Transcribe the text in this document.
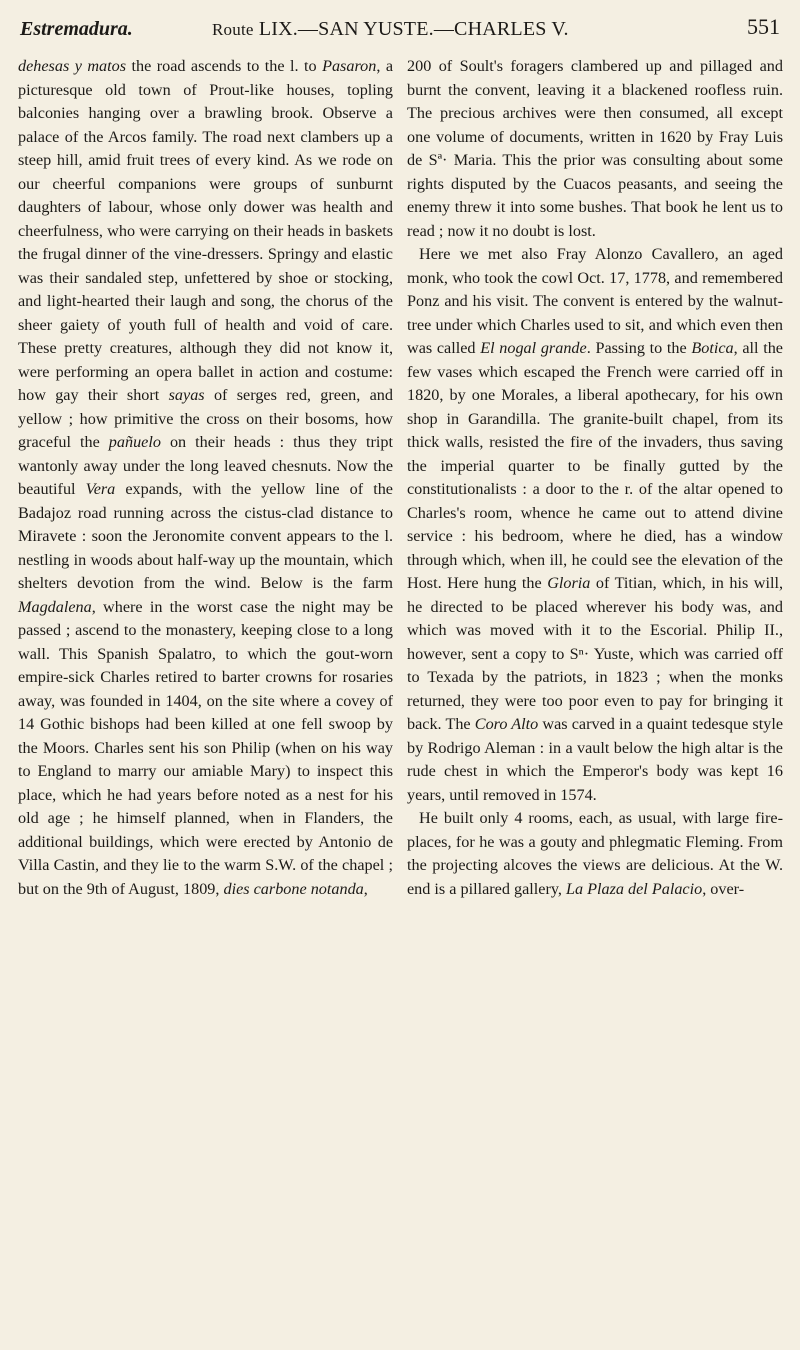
Estremadura.	Route LIX.—SAN YUSTE.—CHARLES V.	551

dehesas y matos the road ascends to the l. to Pasaron, a picturesque old town of Prout-like houses, topling balconies hanging over a brawling brook. Observe a palace of the Arcos family. The road next clambers up a steep hill, amid fruit trees of every kind. As we rode on our cheerful companions were groups of sunburnt daughters of labour, whose only dower was health and cheerfulness, who were carrying on their heads in baskets the frugal dinner of the vine-dressers. Springy and elastic was their sandaled step, unfettered by shoe or stocking, and light-hearted their laugh and song, the chorus of the sheer gaiety of youth full of health and void of care. These pretty creatures, although they did not know it, were performing an opera ballet in action and costume: how gay their short sayas of serges red, green, and yellow ; how primitive the cross on their bosoms, how graceful the pañuelo on their heads : thus they tript wantonly away under the long leaved chesnuts. Now the beautiful Vera expands, with the yellow line of the Badajoz road running across the cistus-clad distance to Miravete : soon the Jeronomite convent appears to the l. nestling in woods about half-way up the mountain, which shelters devotion from the wind. Below is the farm Magdalena, where in the worst case the night may be passed ; ascend to the monastery, keeping close to a long wall. This Spanish Spalatro, to which the gout-worn empire-sick Charles retired to barter crowns for rosaries away, was founded in 1404, on the site where a covey of 14 Gothic bishops had been killed at one fell swoop by the Moors. Charles sent his son Philip (when on his way to England to marry our amiable Mary) to inspect this place, which he had years before noted as a nest for his old age ; he himself planned, when in Flanders, the additional buildings, which were erected by Antonio de Villa Castin, and they lie to the warm S.W. of the chapel ; but on the 9th of August, 1809, dies carbone notanda,

200 of Soult's foragers clambered up and pillaged and burnt the convent, leaving it a blackened roofless ruin. The precious archives were then consumed, all except one volume of documents, written in 1620 by Fray Luis de Sª· Maria. This the prior was consulting about some rights disputed by the Cuacos peasants, and seeing the enemy threw it into some bushes. That book he lent us to read ; now it no doubt is lost.

Here we met also Fray Alonzo Cavallero, an aged monk, who took the cowl Oct. 17, 1778, and remembered Ponz and his visit. The convent is entered by the walnut-tree under which Charles used to sit, and which even then was called El nogal grande. Passing to the Botica, all the few vases which escaped the French were carried off in 1820, by one Morales, a liberal apothecary, for his own shop in Garandilla. The granite-built chapel, from its thick walls, resisted the fire of the invaders, thus saving the imperial quarter to be finally gutted by the constitutionalists : a door to the r. of the altar opened to Charles's room, whence he came out to attend divine service : his bedroom, where he died, has a window through which, when ill, he could see the elevation of the Host. Here hung the Gloria of Titian, which, in his will, he directed to be placed wherever his body was, and which was moved with it to the Escorial. Philip II., however, sent a copy to Sⁿ· Yuste, which was carried off to Texada by the patriots, in 1823 ; when the monks returned, they were too poor even to pay for bringing it back. The Coro Alto was carved in a quaint tedesque style by Rodrigo Aleman : in a vault below the high altar is the rude chest in which the Emperor's body was kept 16 years, until removed in 1574.

He built only 4 rooms, each, as usual, with large fire-places, for he was a gouty and phlegmatic Fleming. From the projecting alcoves the views are delicious. At the W. end is a pillared gallery, La Plaza del Palacio, over-
